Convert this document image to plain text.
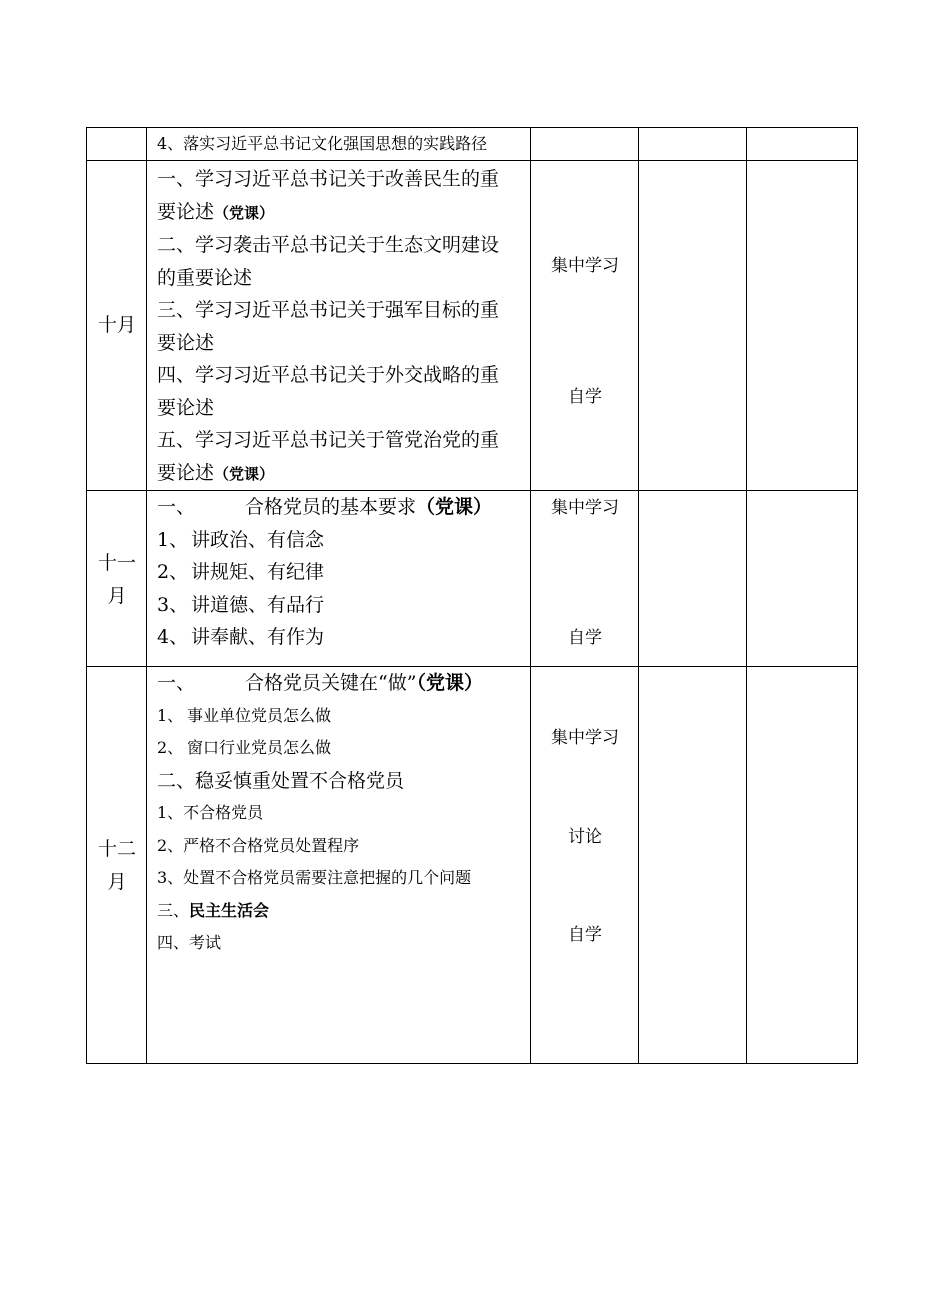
4、落实习近平总书记文化强国思想的实践路径
十月
一、学习习近平总书记关于改善民生的重
要论述（党课）
二、学习袭击平总书记关于生态文明建设
的重要论述
三、学习习近平总书记关于强军目标的重
要论述
四、学习习近平总书记关于外交战略的重
要论述
五、学习习近平总书记关于管党治党的重
要论述（党课）
集中学习
自学
十一
月
一、	合格党员的基本要求（党课）
1、 讲政治、有信念
2、 讲规矩、有纪律
3、 讲道德、有品行
4、 讲奉献、有作为
集中学习
自学
十二
月
一、	合格党员关键在“做”（党课）
1、 事业单位党员怎么做
2、 窗口行业党员怎么做
二、稳妥慎重处置不合格党员
1、不合格党员
2、严格不合格党员处置程序
3、处置不合格党员需要注意把握的几个问题
三、民主生活会
四、考试
集中学习
讨论
自学
